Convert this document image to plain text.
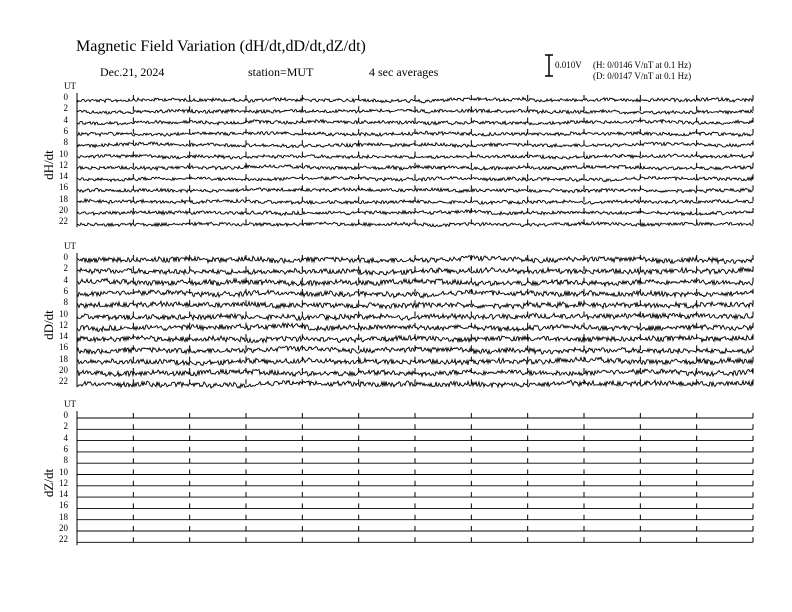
Magnetic Field Variation (dH/dt,dD/dt,dZ/dt)
Dec.21, 2024	station=MUT	4 sec averages	0.010V (H: 0/0146 V/nT at 0.1 Hz)
(D: 0/0147 V/nT at 0.1 Hz)
UT
dH/dt
0
2
4
6
8
10
12
14
16
18
20
22
UT
dD/dt
0
2
4
6
8
10
12
14
16
18
20
22
UT
dZ/dt
0
2
4
6
8
10
12
14
16
18
20
22
